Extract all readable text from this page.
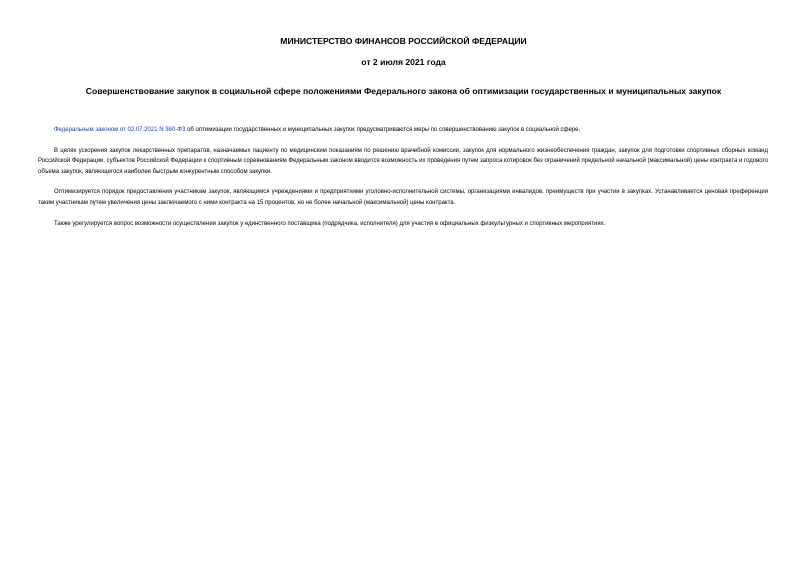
МИНИСТЕРСТВО ФИНАНСОВ РОССИЙСКОЙ ФЕДЕРАЦИИ
от 2 июля 2021 года
Совершенствование закупок в социальной сфере положениями Федерального закона об оптимизации государственных и муниципальных закупок

Федеральным законом от 02.07.2021 N 360-ФЗ об оптимизации государственных и муниципальных закупок предусматриваются меры по совершенствованию закупок в социальной сфере.

В целях ускорения закупок лекарственных препаратов, назначаемых пациенту по медицинским показаниям по решению врачебной комиссии, закупок для нормального жизнеобеспечения граждан, закупок для подготовки спортивных сборных команд Российской Федерации, субъектов Российской Федерации к спортивным соревнованиям Федеральным законом вводится возможность их проведения путем запроса котировок без ограничений предельной начальной (максимальной) цены контракта и годового объема закупок, являющегося наиболее быстрым конкурентным способом закупки.

Оптимизируется порядок предоставления участникам закупок, являющимся учреждениями и предприятиями уголовно-исполнительной системы, организациями инвалидов, преимуществ при участии в закупках. Устанавливается ценовая преференция таким участникам путем увеличения цены заключаемого с ними контракта на 15 процентов, но не более начальной (максимальной) цены контракта.

Также урегулируется вопрос возможности осуществления закупок у единственного поставщика (подрядчика, исполнителя) для участия в официальных физкультурных и спортивных мероприятиях.
